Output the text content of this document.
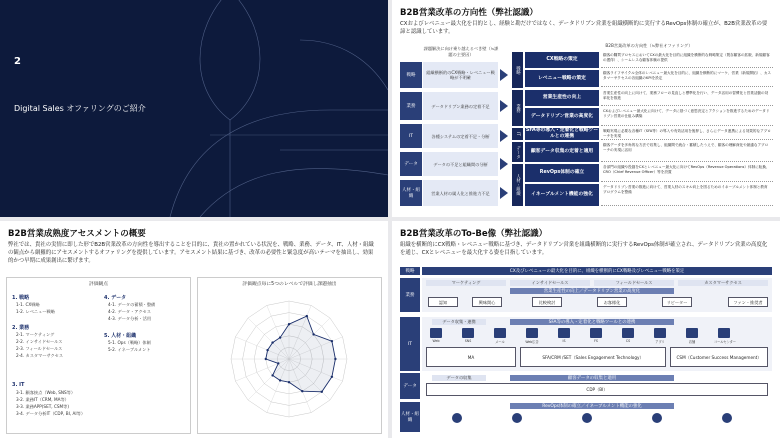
2
Digital Sales オファリングのご紹介
B2B営業改革の方向性（弊社認識）
CXおよびレベニュー最大化を目的とし、経験と勘だけではなく、データドリブン営業を組織横断的に実行するRevOps体制の確立が、B2B営業改革の要諦と認識しています。
課題解決に向け乗り越えるべき壁（≒課題の主要因）
B2B営業改革の方向性（≒弊社オファリング）
戦略
組織横断的のCX戦略・レベニュー戦略が不明確
業務	データドリブン業務の定着不足
IT	各種システムの定着不足・分断
データ	データの不足と組織間の分断
人材・組織
営業人材の属人化と推進力不足
戦略
業務
IT
データ
人材・組織
CX戦略の策定
顧客の購買プロセスにおいてCXの最大化を目的に組織を横断的な戦略策定（既存顧客の拡販、新規顧客の獲得）、シームレスな顧客体験の提供
レベニュー戦略の策定
顧客ライフサイクル全体のレベニュー最大化を目的に、組織を横断的にマーケ、営業（新規開拓）、カスタマーサクセスの各組織のKPIを設定
営業生産性の向上
営業生産性の向上に向けて、業務フローの見直しと標準化を行い、データ活用の習慣化と営業活動の効率化を推進
データドリブン営業の高度化
CXおよびレベニュー最大化に向けて、データに基づく意思決定とアクションを推進するためのデータドリブン営業の仕組み構築
SFA等の導入・定着化と戦略ツールとの連携
戦略実現に必要な各種IT（SFA等）の導入や有効活用を後押し、さらにデータ連携による効果的なアプローチを実現
顧客データ収集の定着と適用
顧客データを多角的な方法で収集し、組織間で統合・蓄積したうえで、顧客の理解深化や最適なアプローチの実現に活用
RevOps体制の確立
各部門の組織や役割をCXとレベニュー最大化に向けてRevOps（Revenue Operations）体制に転換、CRO（Chief Revenue Officer）等を設置
イネーブルメント機能の強化
データドリブン営業の推進に向けて、営業人材のスキル向上を図るためのイネーブルメント体制と教育プログラムを整備
B2B営業成熟度アセスメントの概要
弊社では、貴社の実情に即した形でB2B営業改革の方向性を導出することを目的に、貴社の置かれている状況を、戦略、業務、データ、IT、人材・組織の観点から網羅的にアセスメントするオファリングを提供しています。アセスメント結果に基づき、改革の必要性と緊急度が高いテーマを抽出し、効果的かつ早期に成果創出に繋げます。
評価観点
1. 戦略
1-1. CX戦略
1-2. レベニュー戦略
2. 業務
2-1. マーケティング
2-2. インサイドセールス
2-3. フィールドセールス
2-4. カスタマーサクセス
3. IT
3-1. 顧客接点（Web, SNS等）
3-2. 業務IT（CRM, MA等）
3-3. 業務APP(SET, CSM等)
3-4. データ分析IT（CDP, BI, AI等）
4. データ
4-1. データの蓄積・整備
4-2. データ・アクセス
4-3. データ分析・活用
5. 人材・組織
5-1. Ops（戦略）体制
5-2. イネーブルメント
評価観点毎に5つのレベルで評価し課題抽出
B2B営業改革のTo-Be像（弊社認識）
組織を横断的にCX戦略・レベニュー戦略に基づき、データドリブン営業を組織横断的に実行するRevOps体制が確立され、データドリブン営業の高度化を通じ、CXとレベニューを最大化する姿を目指しています。
戦略
業務
IT
データ
人材・組織
CX及びレベニューの最大化を目的に、組織を横断的にCX戦略及びレベニュー戦略を策定
マーケティング	インサイドセールス	フィールドセールス	カスタマーサクセス
営業生産性の向上／データドリブン営業の高度化
認知	興味関心	比較検討	お客様化	リピーター	ファン・推奨者
データ収集・連携	SFA等の導入・定着化と戦略ツールとの連携
Web	SNS	メール	Web広告	IS	FS	CS	アプリ	店舗	コールセンター
MA	SFA/CRM /SET（Sales Engagement Technology）	CSM（Customer Success Management）
顧客データの収集と適用
データの収集
CDP（BI）
RevOps体制の確立／イネーブルメント機能の強化
